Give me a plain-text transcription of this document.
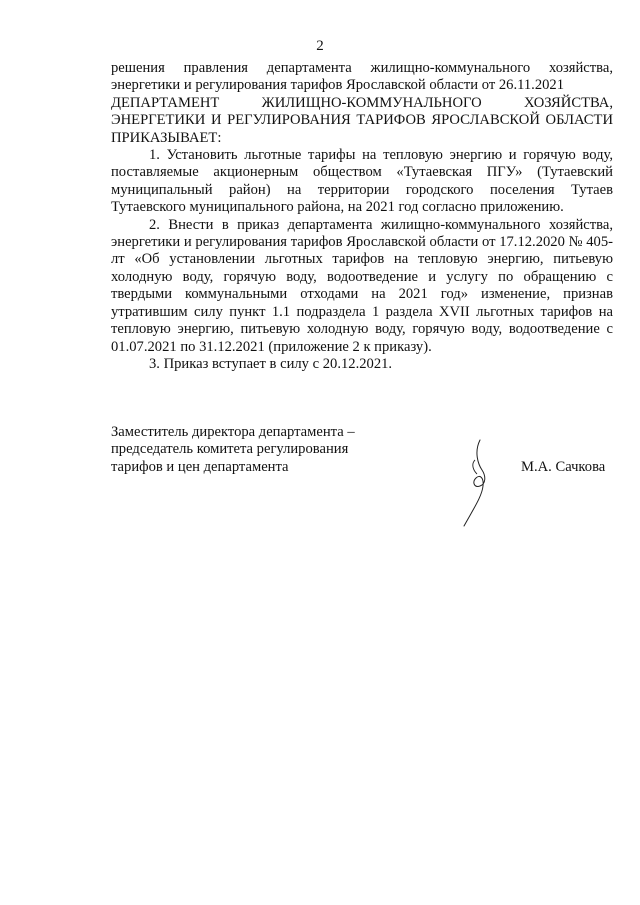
2

решения правления департамента жилищно-коммунального хозяйства, энергетики и регулирования тарифов Ярославской области от 26.11.2021

ДЕПАРТАМЕНТ ЖИЛИЩНО-КОММУНАЛЬНОГО ХОЗЯЙСТВА, ЭНЕРГЕТИКИ И РЕГУЛИРОВАНИЯ ТАРИФОВ ЯРОСЛАВСКОЙ ОБЛАСТИ ПРИКАЗЫВАЕТ:

1. Установить льготные тарифы на тепловую энергию и горячую воду, поставляемые акционерным обществом «Тутаевская ПГУ» (Тутаевский муниципальный район) на территории городского поселения Тутаев Тутаевского муниципального района, на 2021 год согласно приложению.

2. Внести в приказ департамента жилищно-коммунального хозяйства, энергетики и регулирования тарифов Ярославской области от 17.12.2020 № 405-лт «Об установлении льготных тарифов на тепловую энергию, питьевую холодную воду, горячую воду, водоотведение и услугу по обращению с твердыми коммунальными отходами на 2021 год» изменение, признав утратившим силу пункт 1.1 подраздела 1 раздела XVII льготных тарифов на тепловую энергию, питьевую холодную воду, горячую воду, водоотведение с 01.07.2021 по 31.12.2021 (приложение 2 к приказу).

3. Приказ вступает в силу с 20.12.2021.

Заместитель директора департамента –
председатель комитета регулирования
тарифов и цен департамента	М.А. Сачкова
